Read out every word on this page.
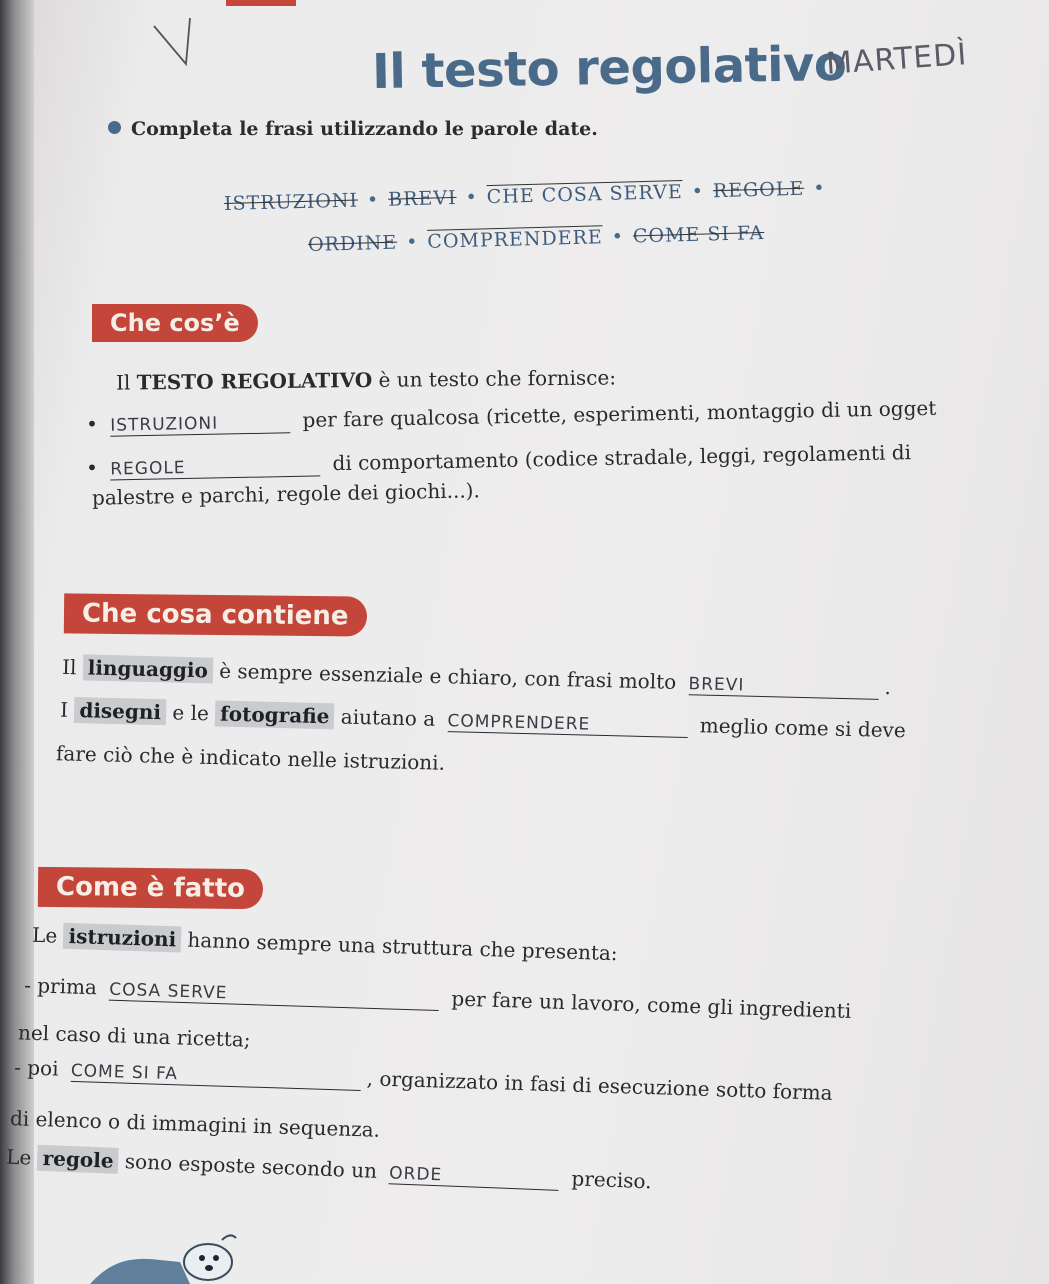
Il testo regolativo
MARTEDÌ
Completa le frasi utilizzando le parole date.
ISTRUZIONI • BREVI • CHE COSA SERVE • REGOLE •
ORDINE • COMPRENDERE • COME SI FA
Che cos’è
Il TESTO REGOLATIVO è un testo che fornisce:
• ISTRUZIONI	per fare qualcosa (ricette, esperimenti, montaggio di un ogget
• REGOLE	di comportamento (codice stradale, leggi, regolamenti di
palestre e parchi, regole dei giochi...).
Che cosa contiene
Il linguaggio è sempre essenziale e chiaro, con frasi molto BREVI	.
I disegni e le fotografie aiutano a COMPRENDERE	meglio come si deve
fare ciò che è indicato nelle istruzioni.
Come è fatto
Le istruzioni hanno sempre una struttura che presenta:
- prima COSA SERVE	per fare un lavoro, come gli ingredienti
nel caso di una ricetta;
- poi COME SI FA	, organizzato in fasi di esecuzione sotto forma
di elenco o di immagini in sequenza.
Le regole sono esposte secondo un ORDE	preciso.
